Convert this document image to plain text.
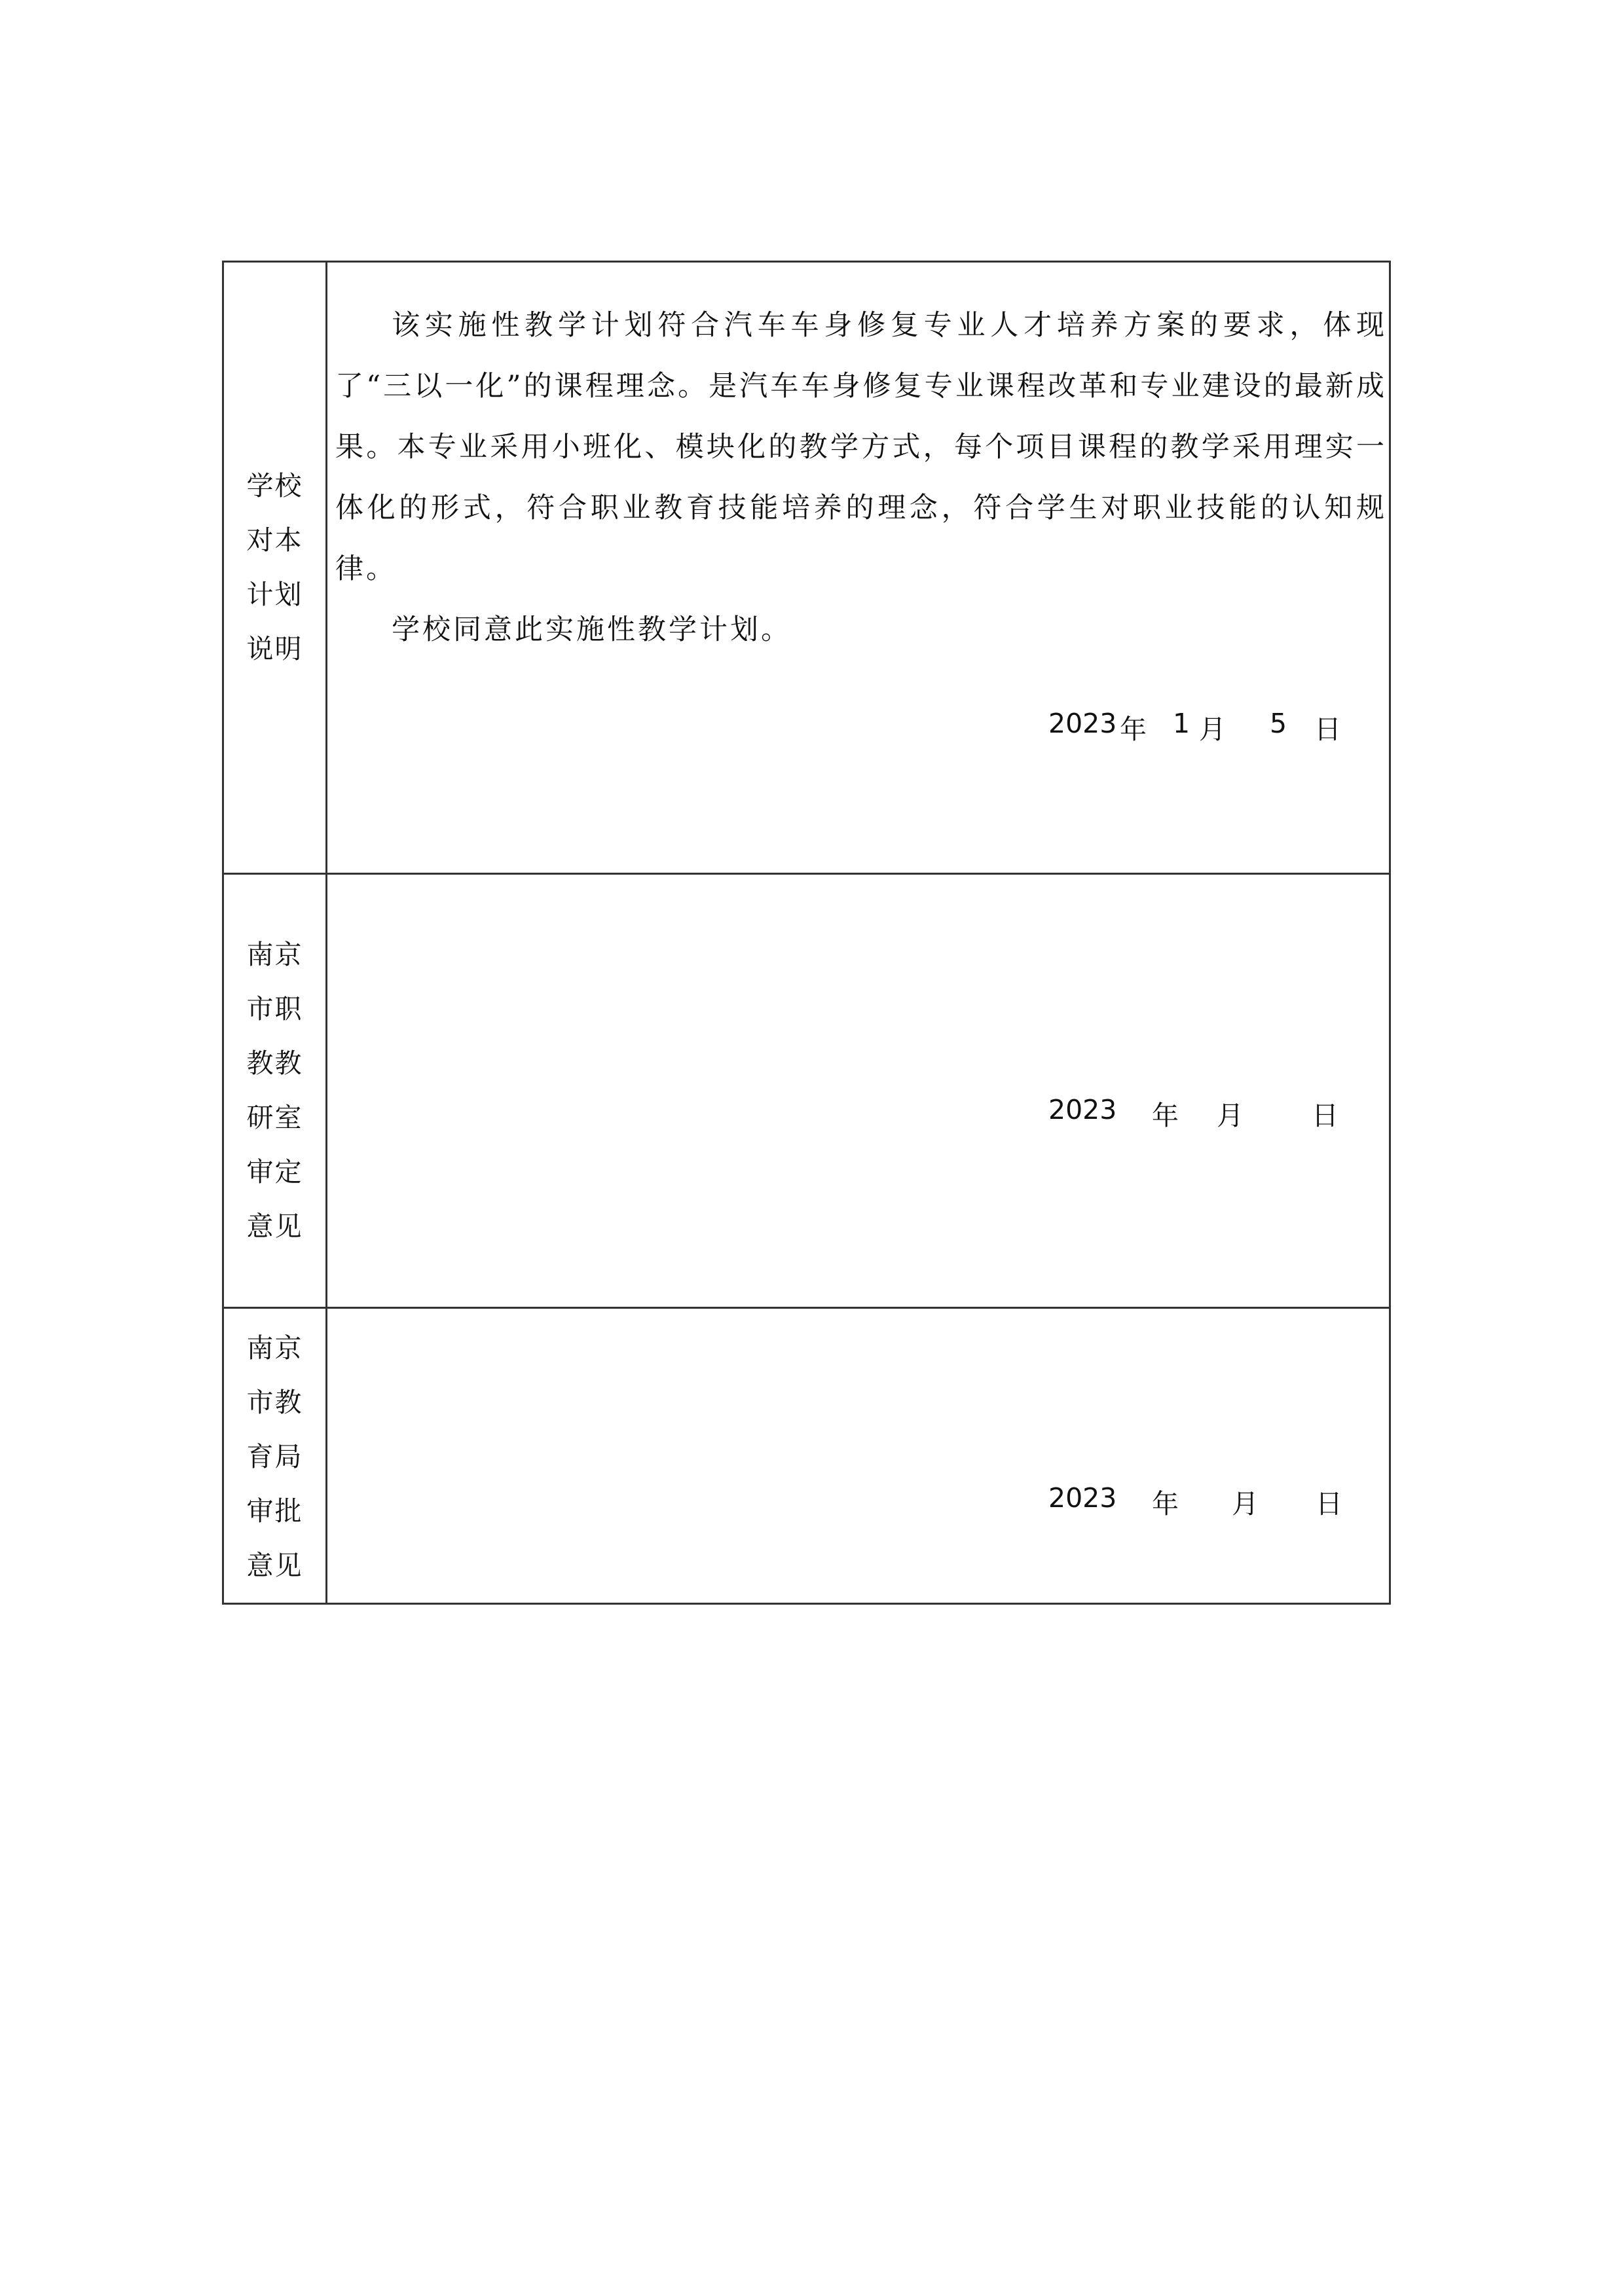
学校对本计划说明

该实施性教学计划符合汽车车身修复专业人才培养方案的要求，体现了“三以一化”的课程理念。是汽车车身修复专业课程改革和专业建设的最新成果。本专业采用小班化、模块化的教学方式，每个项目课程的教学采用理实一体化的形式，符合职业教育技能培养的理念，符合学生对职业技能的认知规律。

学校同意此实施性教学计划。

2023 年 1 月 5 日
南京市职教教研室审定意见
2023 年 月	日
南京市教育局审批意见
2023 年 月 日
